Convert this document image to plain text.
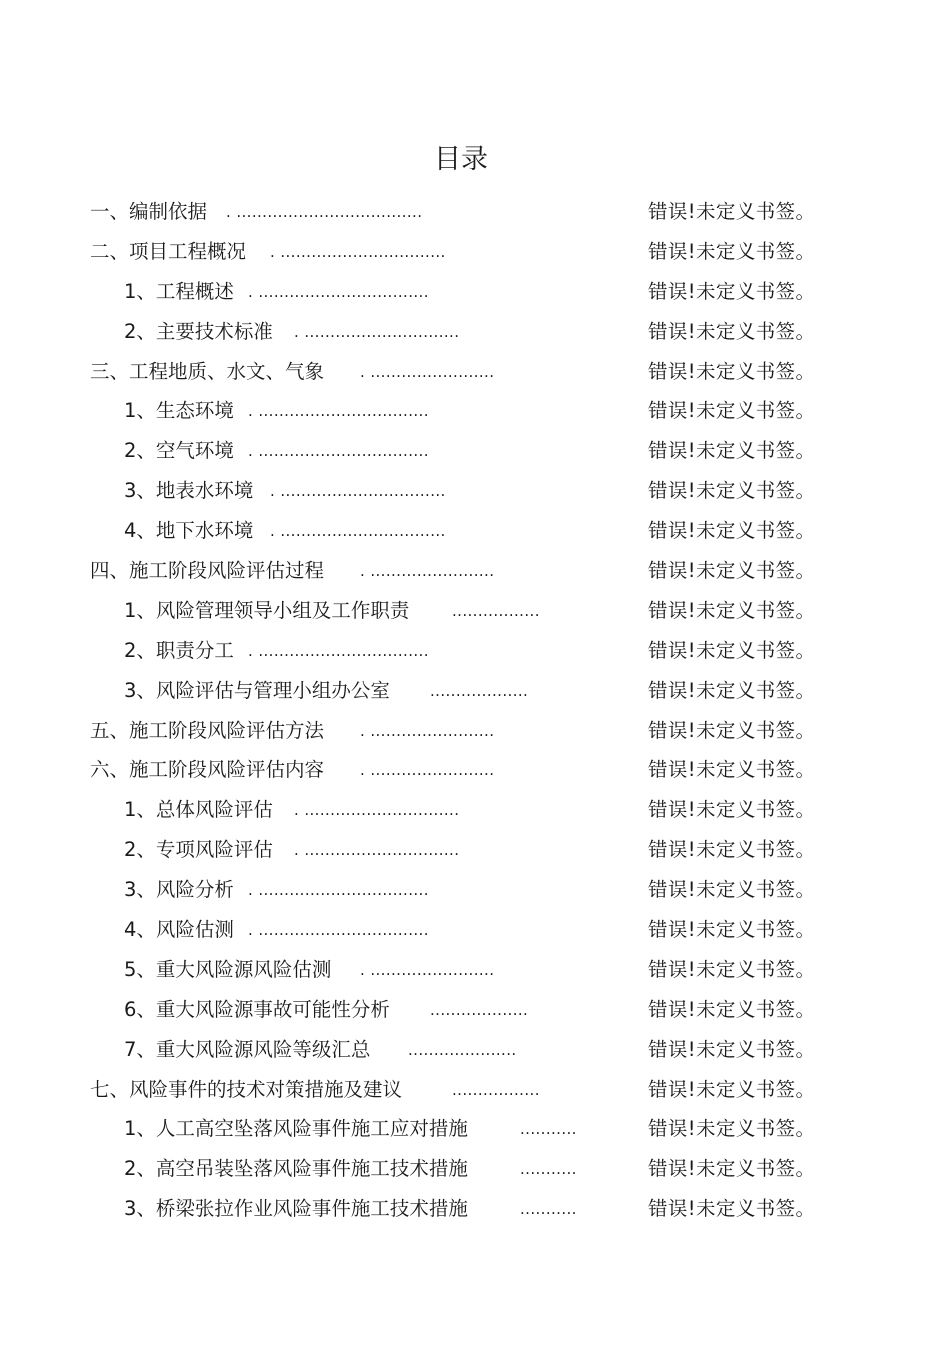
目录
一、编制依据 . ....................................	错误!未定义书签。
二、项目工程概况 . ................................	错误!未定义书签。
1、工程概述 . .................................	错误!未定义书签。
2、主要技术标准 . ..............................	错误!未定义书签。
三、工程地质、水文、气象 . ........................	错误!未定义书签。
1、生态环境 . .................................	错误!未定义书签。
2、空气环境 . .................................	错误!未定义书签。
3、地表水环境 . ................................	错误!未定义书签。
4、地下水环境 . ................................	错误!未定义书签。
四、施工阶段风险评估过程 . ........................	错误!未定义书签。
1、风险管理领导小组及工作职责	.................	错误!未定义书签。
2、职责分工 . .................................	错误!未定义书签。
3、风险评估与管理小组办公室	...................	错误!未定义书签。
五、施工阶段风险评估方法 . ........................	错误!未定义书签。
六、施工阶段风险评估内容 . ........................	错误!未定义书签。
1、总体风险评估 . ..............................	错误!未定义书签。
2、专项风险评估 . ..............................	错误!未定义书签。
3、风险分析 . .................................	错误!未定义书签。
4、风险估测 . .................................	错误!未定义书签。
5、重大风险源风险估测 . ........................	错误!未定义书签。
6、重大风险源事故可能性分析	...................	错误!未定义书签。
7、重大风险源风险等级汇总	.....................	错误!未定义书签。
七、风险事件的技术对策措施及建议	.................	错误!未定义书签。
1、人工高空坠落风险事件施工应对措施	...........	错误!未定义书签。
2、高空吊装坠落风险事件施工技术措施	...........	错误!未定义书签。
3、桥梁张拉作业风险事件施工技术措施	...........	错误!未定义书签。
